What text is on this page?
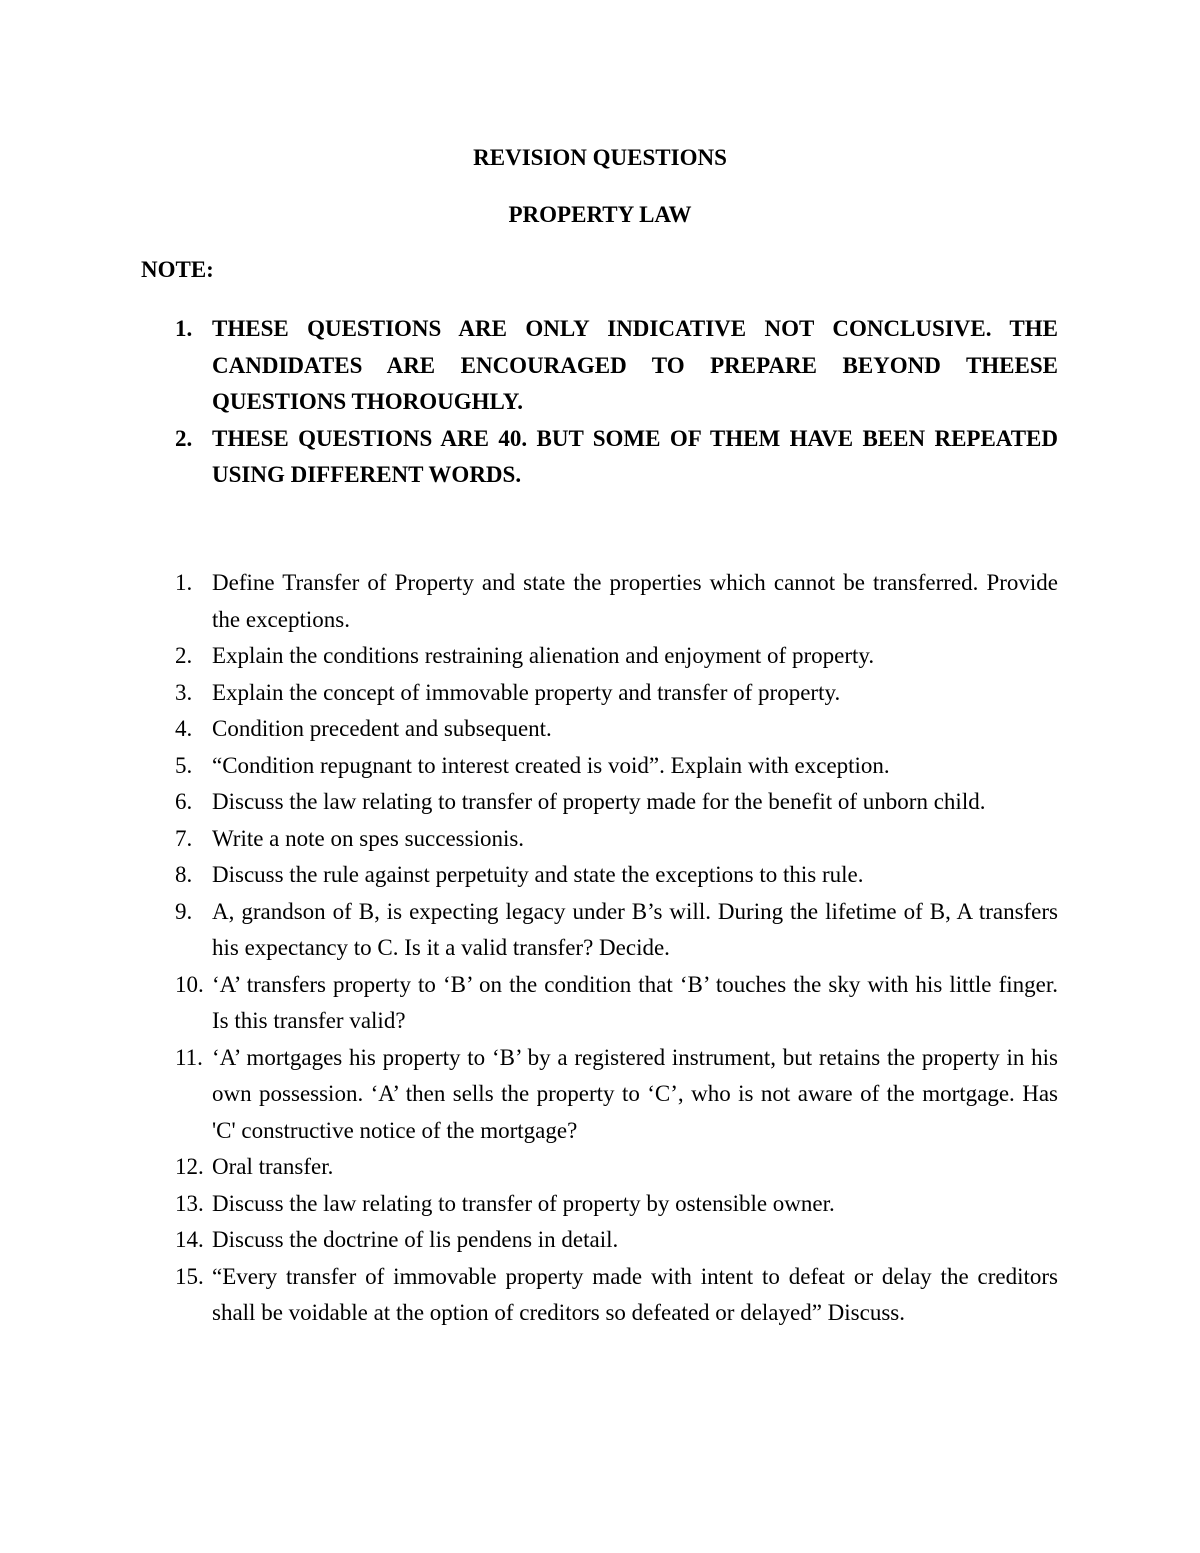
REVISION QUESTIONS
PROPERTY LAW
NOTE:
1. THESE QUESTIONS ARE ONLY INDICATIVE NOT CONCLUSIVE. THE CANDIDATES ARE ENCOURAGED TO PREPARE BEYOND THEESE QUESTIONS THOROUGHLY.
2. THESE QUESTIONS ARE 40. BUT SOME OF THEM HAVE BEEN REPEATED USING DIFFERENT WORDS.
1. Define Transfer of Property and state the properties which cannot be transferred. Provide the exceptions.
2. Explain the conditions restraining alienation and enjoyment of property.
3. Explain the concept of immovable property and transfer of property.
4. Condition precedent and subsequent.
5. “Condition repugnant to interest created is void”. Explain with exception.
6. Discuss the law relating to transfer of property made for the benefit of unborn child.
7. Write a note on spes successionis.
8. Discuss the rule against perpetuity and state the exceptions to this rule.
9. A, grandson of B, is expecting legacy under B’s will. During the lifetime of B, A transfers his expectancy to C. Is it a valid transfer? Decide.
10. ‘A’ transfers property to ‘B’ on the condition that ‘B’ touches the sky with his little finger. Is this transfer valid?
11. ‘A’ mortgages his property to ‘B’ by a registered instrument, but retains the property in his own possession. ‘A’ then sells the property to ‘C’, who is not aware of the mortgage. Has 'C' constructive notice of the mortgage?
12. Oral transfer.
13. Discuss the law relating to transfer of property by ostensible owner.
14. Discuss the doctrine of lis pendens in detail.
15. “Every transfer of immovable property made with intent to defeat or delay the creditors shall be voidable at the option of creditors so defeated or delayed” Discuss.
